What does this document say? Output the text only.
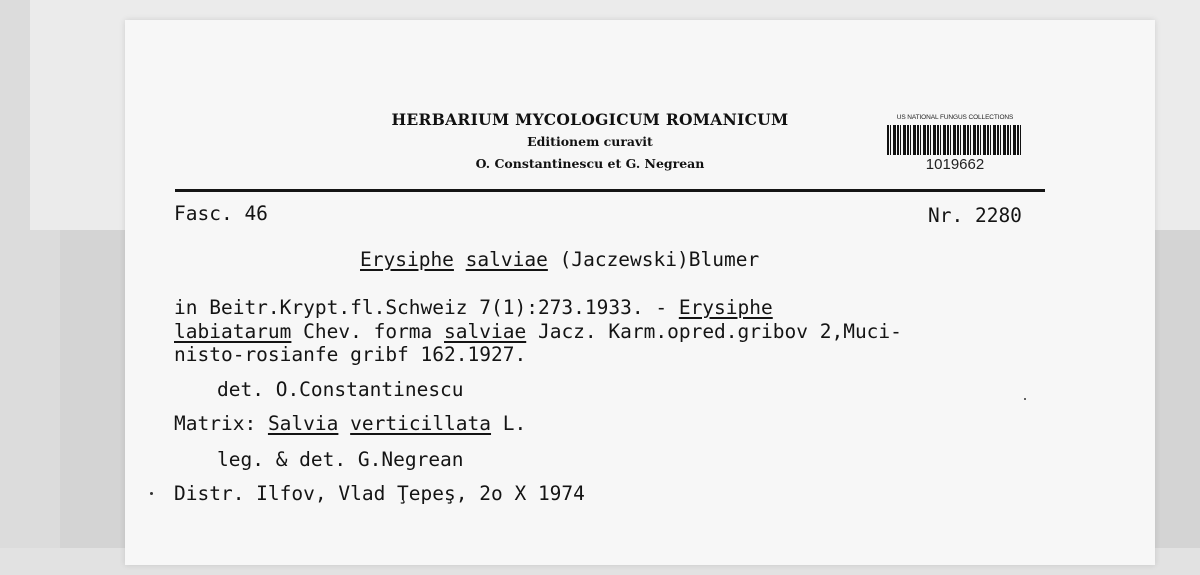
HERBARIUM MYCOLOGICUM ROMANICUM
Editionem curavit
O. Constantinescu et G. Negrean
US NATIONAL FUNGUS COLLECTIONS
1019662
Fasc. 46	Nr. 2280
Erysiphe salviae (Jaczewski)Blumer
in Beitr.Krypt.fl.Schweiz 7(1):273.1933. - Erysiphe
labiatarum Chev. forma salviae Jacz. Karm.opred.gribov 2,Muci-
nisto-rosianfe gribf 162.1927.
det. O.Constantinescu
Matrix: Salvia verticillata L.
leg. & det. G.Negrean
Distr. Ilfov, Vlad Ţepeş, 2o X 1974
